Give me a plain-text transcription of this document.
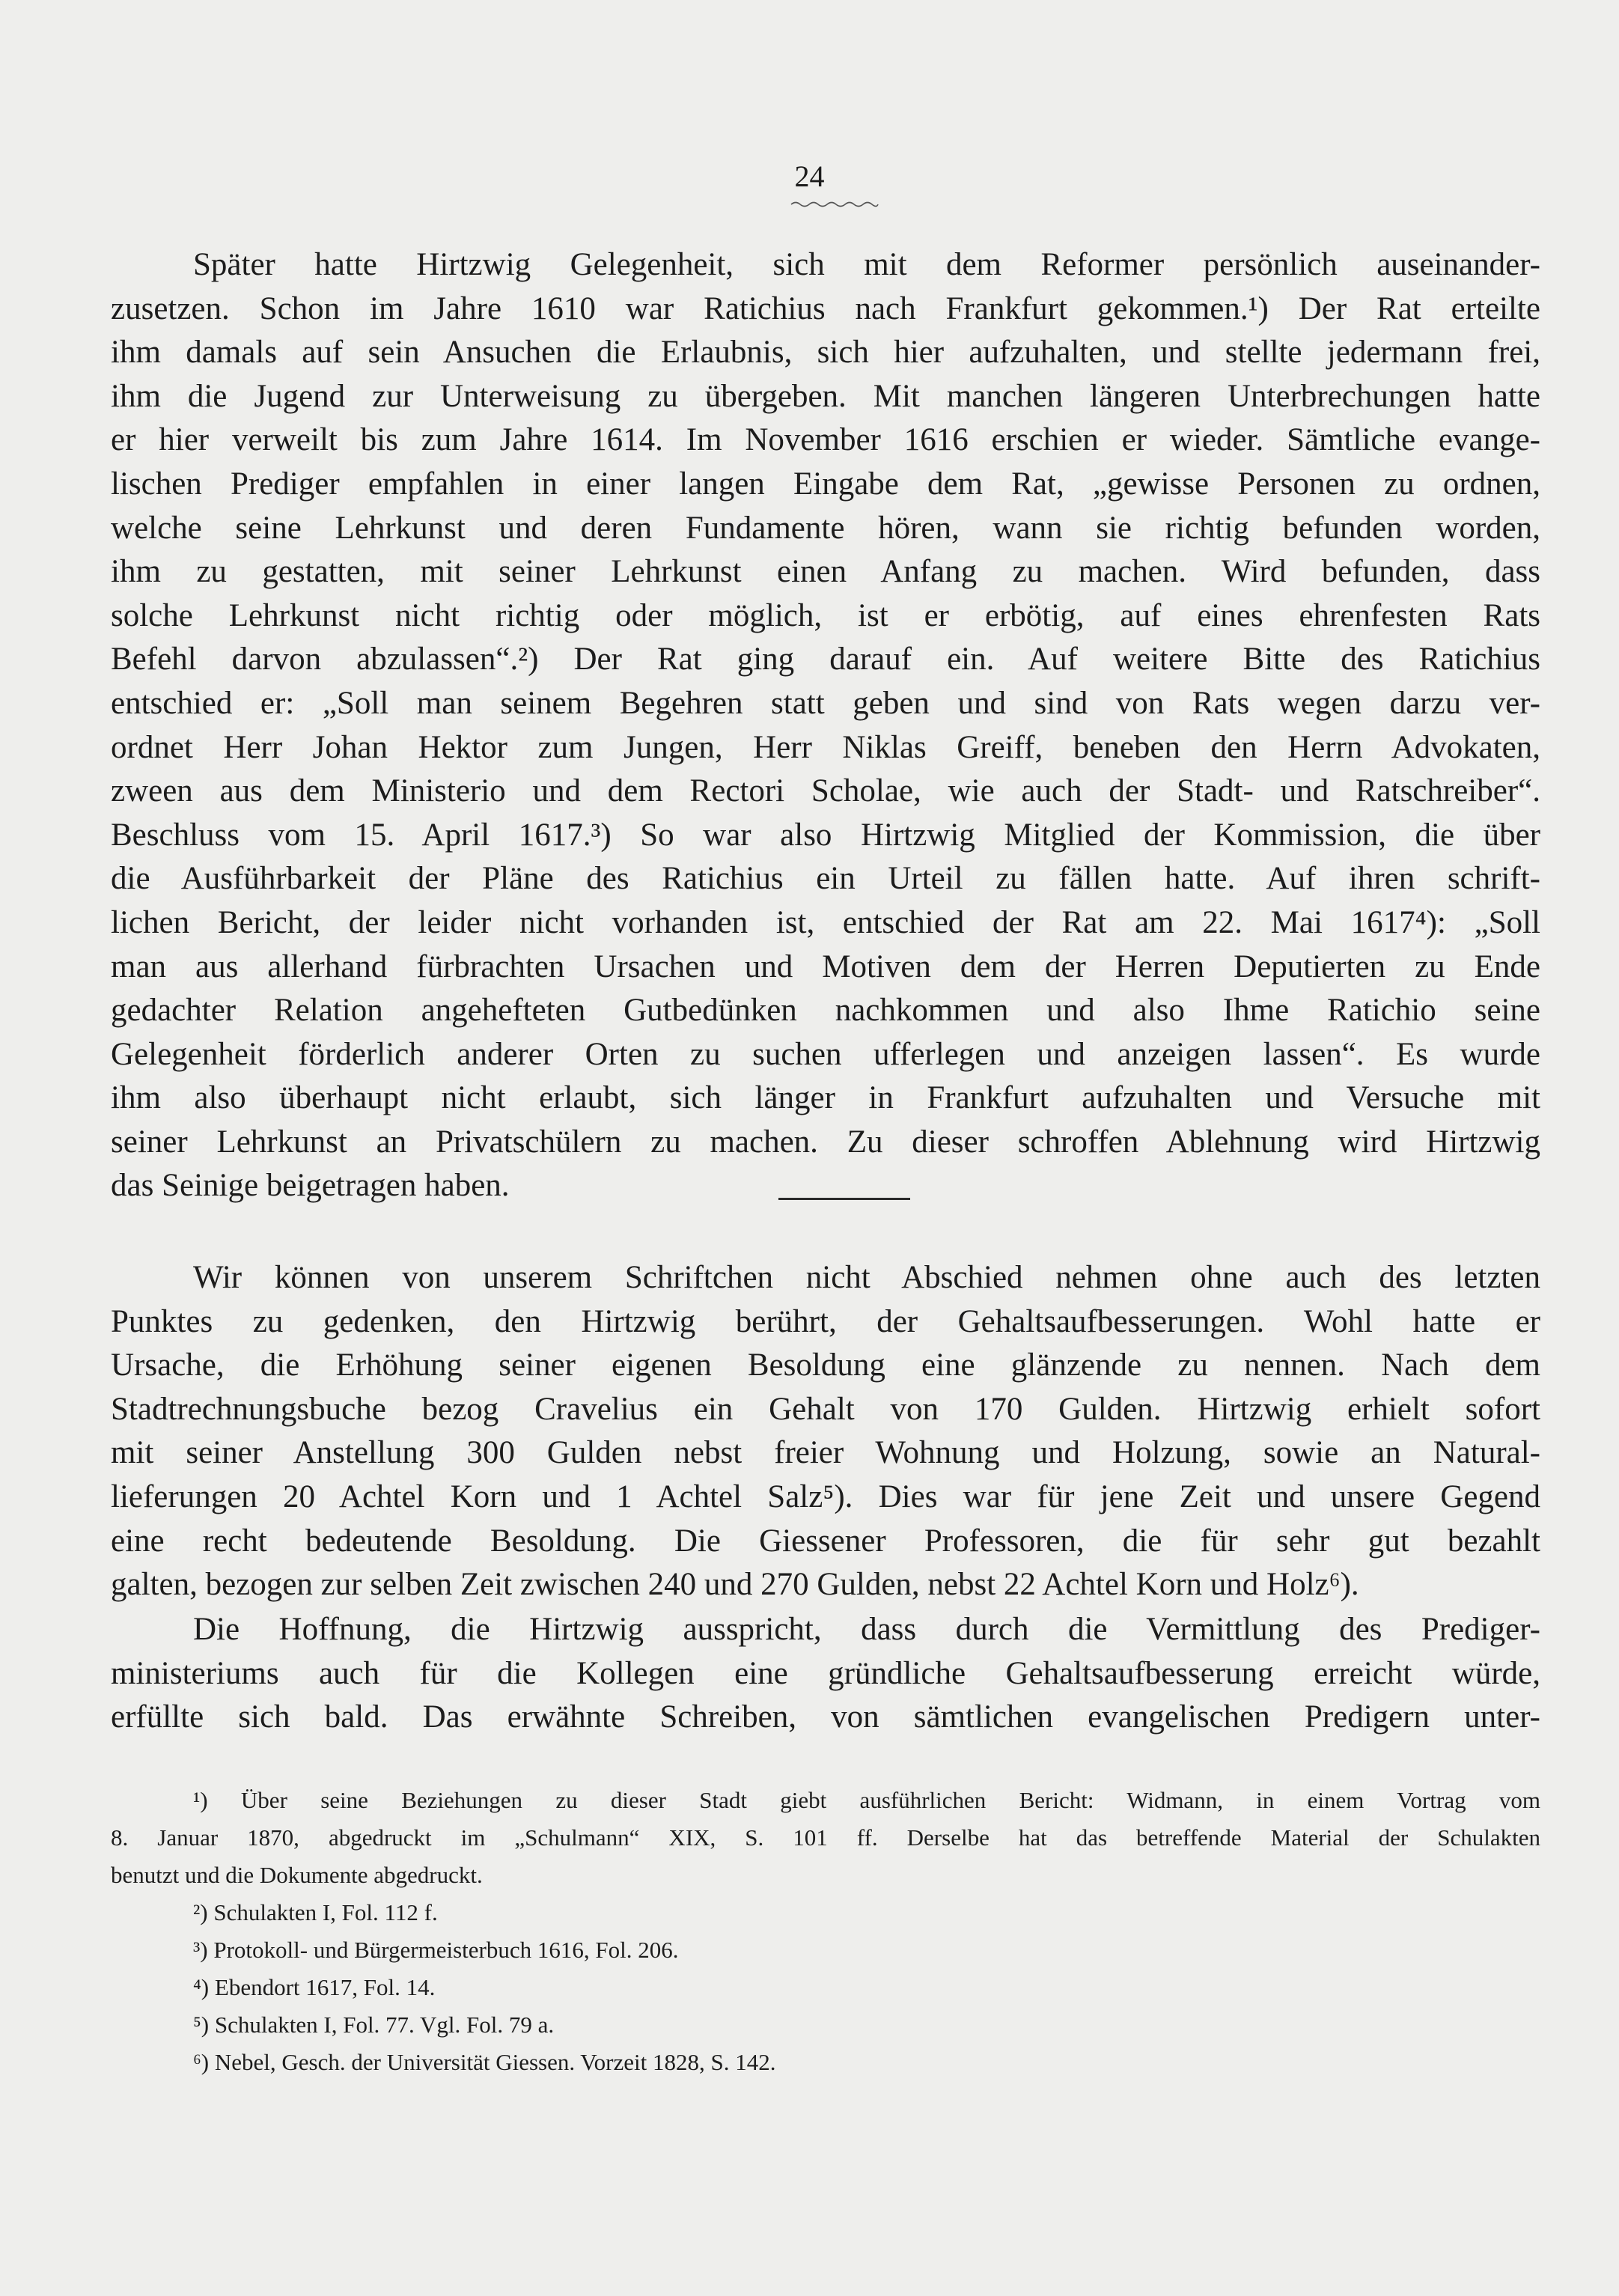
24
Später hatte Hirtzwig Gelegenheit, sich mit dem Reformer persönlich auseinander-
zusetzen. Schon im Jahre 1610 war Ratichius nach Frankfurt gekommen.¹) Der Rat erteilte
ihm damals auf sein Ansuchen die Erlaubnis, sich hier aufzuhalten, und stellte jedermann frei,
ihm die Jugend zur Unterweisung zu übergeben. Mit manchen längeren Unterbrechungen hatte
er hier verweilt bis zum Jahre 1614. Im November 1616 erschien er wieder. Sämtliche evange-
lischen Prediger empfahlen in einer langen Eingabe dem Rat, „gewisse Personen zu ordnen,
welche seine Lehrkunst und deren Fundamente hören, wann sie richtig befunden worden,
ihm zu gestatten, mit seiner Lehrkunst einen Anfang zu machen. Wird befunden, dass
solche Lehrkunst nicht richtig oder möglich, ist er erbötig, auf eines ehrenfesten Rats
Befehl darvon abzulassen“.²) Der Rat ging darauf ein. Auf weitere Bitte des Ratichius
entschied er: „Soll man seinem Begehren statt geben und sind von Rats wegen darzu ver-
ordnet Herr Johan Hektor zum Jungen, Herr Niklas Greiff, beneben den Herrn Advokaten,
zween aus dem Ministerio und dem Rectori Scholae, wie auch der Stadt- und Ratschreiber“.
Beschluss vom 15. April 1617.³) So war also Hirtzwig Mitglied der Kommission, die über
die Ausführbarkeit der Pläne des Ratichius ein Urteil zu fällen hatte. Auf ihren schrift-
lichen Bericht, der leider nicht vorhanden ist, entschied der Rat am 22. Mai 1617⁴): „Soll
man aus allerhand fürbrachten Ursachen und Motiven dem der Herren Deputierten zu Ende
gedachter Relation angehefteten Gutbedünken nachkommen und also Ihme Ratichio seine
Gelegenheit förderlich anderer Orten zu suchen ufferlegen und anzeigen lassen“. Es wurde
ihm also überhaupt nicht erlaubt, sich länger in Frankfurt aufzuhalten und Versuche mit
seiner Lehrkunst an Privatschülern zu machen. Zu dieser schroffen Ablehnung wird Hirtzwig
das Seinige beigetragen haben.
Wir können von unserem Schriftchen nicht Abschied nehmen ohne auch des letzten
Punktes zu gedenken, den Hirtzwig berührt, der Gehaltsaufbesserungen. Wohl hatte er
Ursache, die Erhöhung seiner eigenen Besoldung eine glänzende zu nennen. Nach dem
Stadtrechnungsbuche bezog Cravelius ein Gehalt von 170 Gulden. Hirtzwig erhielt sofort
mit seiner Anstellung 300 Gulden nebst freier Wohnung und Holzung, sowie an Natural-
lieferungen 20 Achtel Korn und 1 Achtel Salz⁵). Dies war für jene Zeit und unsere Gegend
eine recht bedeutende Besoldung. Die Giessener Professoren, die für sehr gut bezahlt
galten, bezogen zur selben Zeit zwischen 240 und 270 Gulden, nebst 22 Achtel Korn und Holz⁶).
Die Hoffnung, die Hirtzwig ausspricht, dass durch die Vermittlung des Prediger-
ministeriums auch für die Kollegen eine gründliche Gehaltsaufbesserung erreicht würde,
erfüllte sich bald. Das erwähnte Schreiben, von sämtlichen evangelischen Predigern unter-
¹) Über seine Beziehungen zu dieser Stadt giebt ausführlichen Bericht: Widmann, in einem Vortrag vom
8. Januar 1870, abgedruckt im „Schulmann“ XIX, S. 101 ff. Derselbe hat das betreffende Material der Schulakten
benutzt und die Dokumente abgedruckt.
²) Schulakten I, Fol. 112 f.
³) Protokoll- und Bürgermeisterbuch 1616, Fol. 206.
⁴) Ebendort 1617, Fol. 14.
⁵) Schulakten I, Fol. 77. Vgl. Fol. 79 a.
⁶) Nebel, Gesch. der Universität Giessen. Vorzeit 1828, S. 142.
